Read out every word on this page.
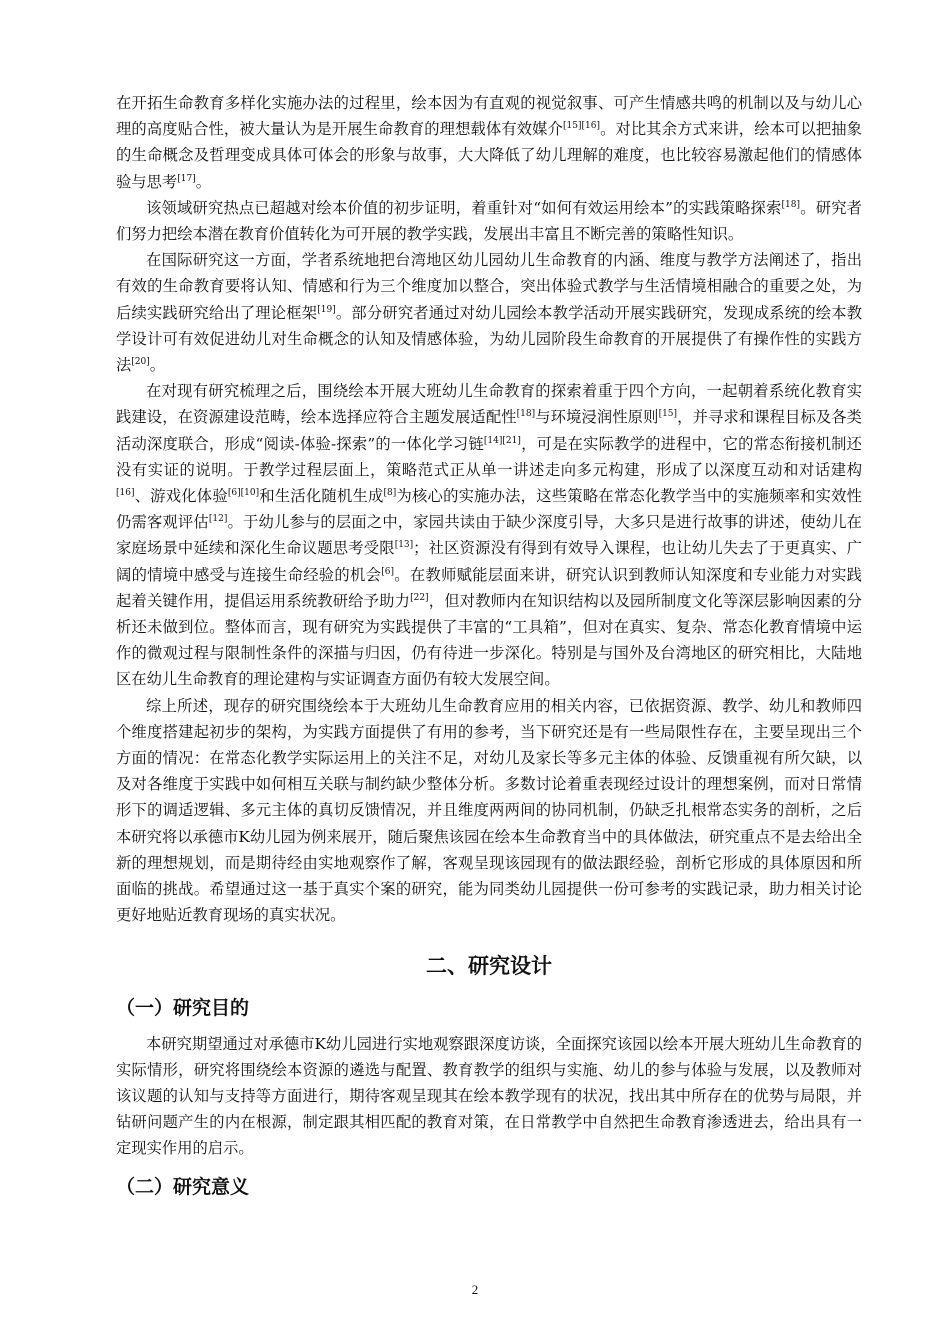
在开拓生命教育多样化实施办法的过程里，绘本因为有直观的视觉叙事、可产生情感共鸣的机制以及与幼儿心理的高度贴合性，被大量认为是开展生命教育的理想载体有效媒介[15][16]。对比其余方式来讲，绘本可以把抽象的生命概念及哲理变成具体可体会的形象与故事，大大降低了幼儿理解的难度，也比较容易激起他们的情感体验与思考[17]。

该领域研究热点已超越对绘本价值的初步证明，着重针对“如何有效运用绘本”的实践策略探索[18]。研究者们努力把绘本潜在教育价值转化为可开展的教学实践，发展出丰富且不断完善的策略性知识。

在国际研究这一方面，学者系统地把台湾地区幼儿园幼儿生命教育的内涵、维度与教学方法阐述了，指出有效的生命教育要将认知、情感和行为三个维度加以整合，突出体验式教学与生活情境相融合的重要之处，为后续实践研究给出了理论框架[19]。部分研究者通过对幼儿园绘本教学活动开展实践研究，发现成系统的绘本教学设计可有效促进幼儿对生命概念的认知及情感体验，为幼儿园阶段生命教育的开展提供了有操作性的实践方法[20]。

在对现有研究梳理之后，围绕绘本开展大班幼儿生命教育的探索着重于四个方向，一起朝着系统化教育实践建设，在资源建设范畴，绘本选择应符合主题发展适配性[18]与环境浸润性原则[15]，并寻求和课程目标及各类活动深度联合，形成“阅读-体验-探索”的一体化学习链[14][21]，可是在实际教学的进程中，它的常态衔接机制还没有实证的说明。于教学过程层面上，策略范式正从单一讲述走向多元构建，形成了以深度互动和对话建构[16]、游戏化体验[6][10]和生活化随机生成[8]为核心的实施办法，这些策略在常态化教学当中的实施频率和实效性仍需客观评估[12]。于幼儿参与的层面之中，家园共读由于缺少深度引导，大多只是进行故事的讲述，使幼儿在家庭场景中延续和深化生命议题思考受限[13]；社区资源没有得到有效导入课程，也让幼儿失去了于更真实、广阔的情境中感受与连接生命经验的机会[6]。在教师赋能层面来讲，研究认识到教师认知深度和专业能力对实践起着关键作用，提倡运用系统教研给予助力[22]，但对教师内在知识结构以及园所制度文化等深层影响因素的分析还未做到位。整体而言，现有研究为实践提供了丰富的“工具箱”，但对在真实、复杂、常态化教育情境中运作的微观过程与限制性条件的深描与归因，仍有待进一步深化。特别是与国外及台湾地区的研究相比，大陆地区在幼儿生命教育的理论建构与实证调查方面仍有较大发展空间。

综上所述，现存的研究围绕绘本于大班幼儿生命教育应用的相关内容，已依据资源、教学、幼儿和教师四个维度搭建起初步的架构，为实践方面提供了有用的参考，当下研究还是有一些局限性存在，主要呈现出三个方面的情况：在常态化教学实际运用上的关注不足，对幼儿及家长等多元主体的体验、反馈重视有所欠缺，以及对各维度于实践中如何相互关联与制约缺少整体分析。多数讨论着重表现经过设计的理想案例，而对日常情形下的调适逻辑、多元主体的真切反馈情况，并且维度两两间的协同机制，仍缺乏扎根常态实务的剖析，之后本研究将以承德市K幼儿园为例来展开，随后聚焦该园在绘本生命教育当中的具体做法，研究重点不是去给出全新的理想规划，而是期待经由实地观察作了解，客观呈现该园现有的做法跟经验，剖析它形成的具体原因和所面临的挑战。希望通过这一基于真实个案的研究，能为同类幼儿园提供一份可参考的实践记录，助力相关讨论更好地贴近教育现场的真实状况。

二、研究设计
（一）研究目的

本研究期望通过对承德市K幼儿园进行实地观察跟深度访谈，全面探究该园以绘本开展大班幼儿生命教育的实际情形，研究将围绕绘本资源的遴选与配置、教育教学的组织与实施、幼儿的参与体验与发展，以及教师对该议题的认知与支持等方面进行，期待客观呈现其在绘本教学现有的状况，找出其中所存在的优势与局限，并钻研问题产生的内在根源，制定跟其相匹配的教育对策，在日常教学中自然把生命教育渗透进去，给出具有一定现实作用的启示。

（二）研究意义
2
